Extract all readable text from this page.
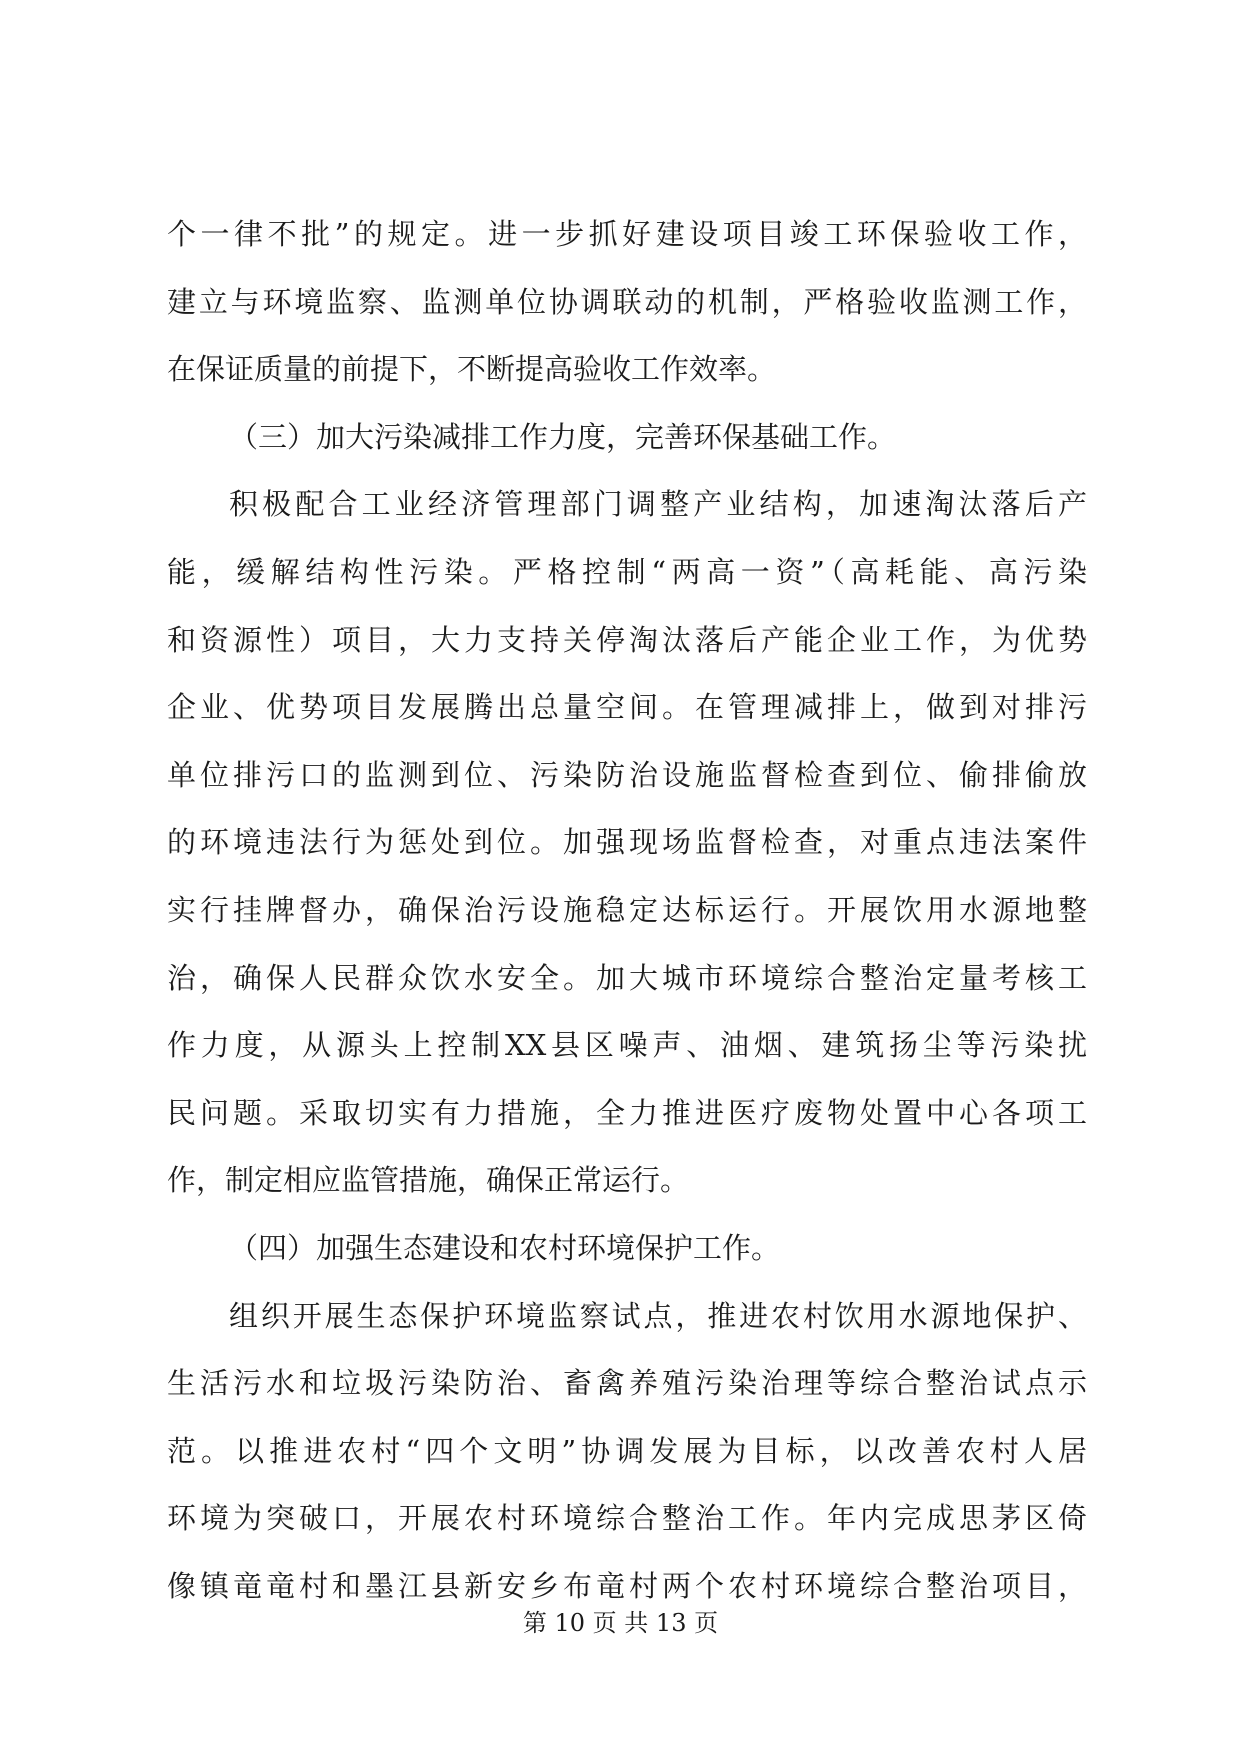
个一律不批”的规定。进一步抓好建设项目竣工环保验收工作，
建立与环境监察、监测单位协调联动的机制，严格验收监测工作，
在保证质量的前提下，不断提高验收工作效率。
（三）加大污染减排工作力度，完善环保基础工作。
积极配合工业经济管理部门调整产业结构，加速淘汰落后产
能，缓解结构性污染。严格控制“两高一资”（高耗能、高污染
和资源性）项目，大力支持关停淘汰落后产能企业工作，为优势
企业、优势项目发展腾出总量空间。在管理减排上，做到对排污
单位排污口的监测到位、污染防治设施监督检查到位、偷排偷放
的环境违法行为惩处到位。加强现场监督检查，对重点违法案件
实行挂牌督办，确保治污设施稳定达标运行。开展饮用水源地整
治，确保人民群众饮水安全。加大城市环境综合整治定量考核工
作力度，从源头上控制XX县区噪声、油烟、建筑扬尘等污染扰
民问题。采取切实有力措施，全力推进医疗废物处置中心各项工
作，制定相应监管措施，确保正常运行。
（四）加强生态建设和农村环境保护工作。
组织开展生态保护环境监察试点，推进农村饮用水源地保护、
生活污水和垃圾污染防治、畜禽养殖污染治理等综合整治试点示
范。以推进农村“四个文明”协调发展为目标，以改善农村人居
环境为突破口，开展农村环境综合整治工作。年内完成思茅区倚
像镇竜竜村和墨江县新安乡布竜村两个农村环境综合整治项目，
第 10 页 共 13 页
